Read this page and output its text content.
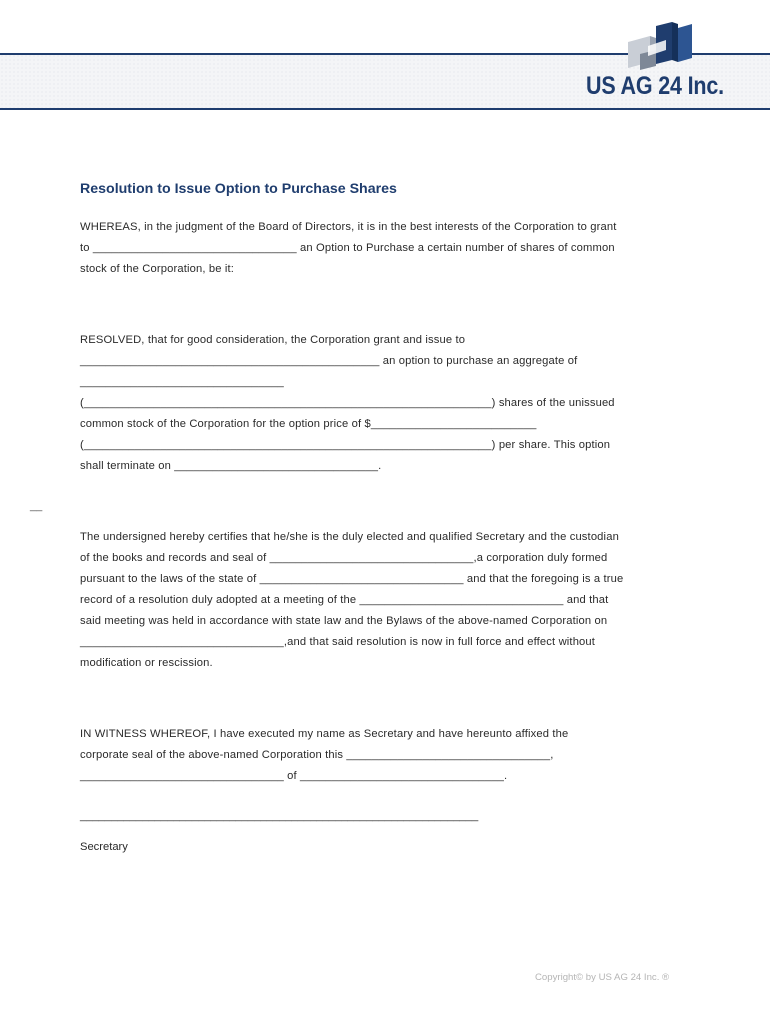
US AG 24 Inc.
Resolution to Issue Option to Purchase Shares
WHEREAS, in the judgment of the Board of Directors, it is in the best interests of the Corporation to grant
to ________________________________ an Option to Purchase a certain number of shares of common
stock of the Corporation, be it:
RESOLVED, that for good consideration, the Corporation grant and issue to
_______________________________________________ an option to purchase an aggregate of
________________________________
(________________________________________________________________) shares of the unissued
common stock of the Corporation for the option price of $__________________________
(________________________________________________________________) per share. This option
shall terminate on ________________________________.
The undersigned hereby certifies that he/she is the duly elected and qualified Secretary and the custodian
of the books and records and seal of ________________________________,a corporation duly formed
pursuant to the laws of the state of ________________________________ and that the foregoing is a true
record of a resolution duly adopted at a meeting of the ________________________________ and that
said meeting was held in accordance with state law and the Bylaws of the above-named Corporation on
________________________________,and that said resolution is now in full force and effect without
modification or rescission.
IN WITNESS WHEREOF, I have executed my name as Secretary and have hereunto affixed the
corporate seal of the above-named Corporation this ________________________________,
________________________________ of ________________________________.
________________________________________________________________
Secretary
__
Copyright© by US AG 24 Inc. ®
